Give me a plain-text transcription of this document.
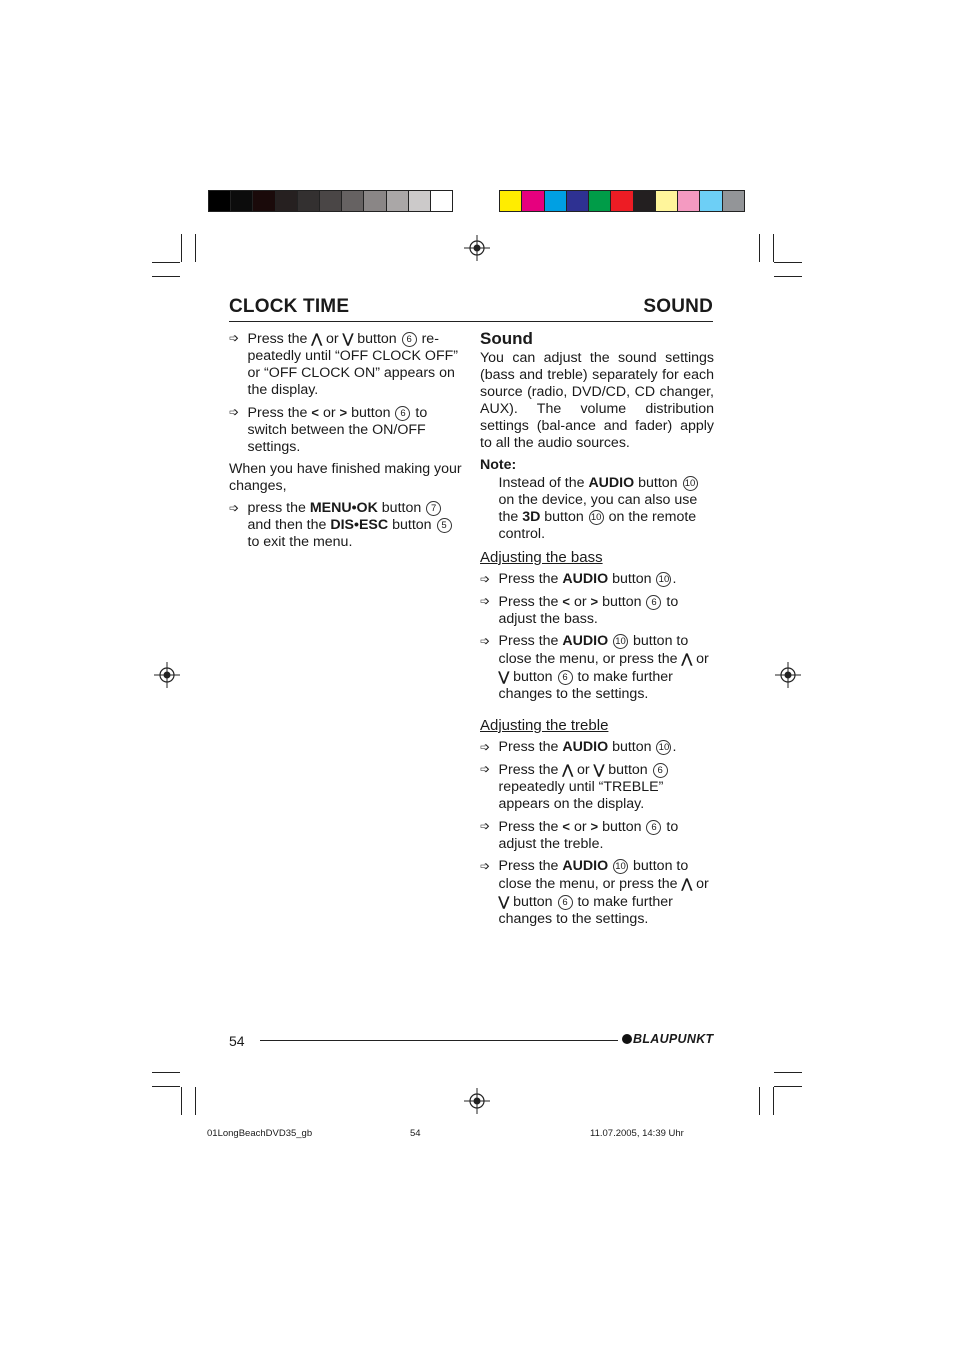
CLOCK TIME	SOUND
➩ Press the ⋀ or ⋁ button 6 re-peatedly until “OFF CLOCK OFF” or “OFF CLOCK ON” appears on the display.

➩ Press the < or > button 6 to switch between the ON/OFF settings.

When you have finished making your changes,

➩ press the MENU•OK button 7 and then the DIS•ESC button 5 to exit the menu.

Sound

You can adjust the sound settings (bass and treble) separately for each source (radio, DVD/CD, CD changer, AUX). The volume distribution settings (bal-ance and fader) apply to all the audio sources.

Note:

Instead of the AUDIO button 10 on the device, you can also use the 3D button 10 on the remote control.
Adjusting the bass
➩ Press the AUDIO button 10 .

➩ Press the < or > button 6 to adjust the bass.

➩ Press the AUDIO 10 button to close the menu, or press the ⋀ or ⋁ button 6 to make further changes to the settings.

Adjusting the treble
➩ Press the AUDIO button 10 .

➩ Press the ⋀ or ⋁ button 6 repeatedly until “TREBLE” appears on the display.

➩ Press the < or > button 6 to adjust the treble.

➩ Press the AUDIO 10 button to close the menu, or press the ⋀ or ⋁ button 6 to make further changes to the settings.

54	BLAUPUNKT
01LongBeachDVD35_gb	54	11.07.2005, 14:39 Uhr
